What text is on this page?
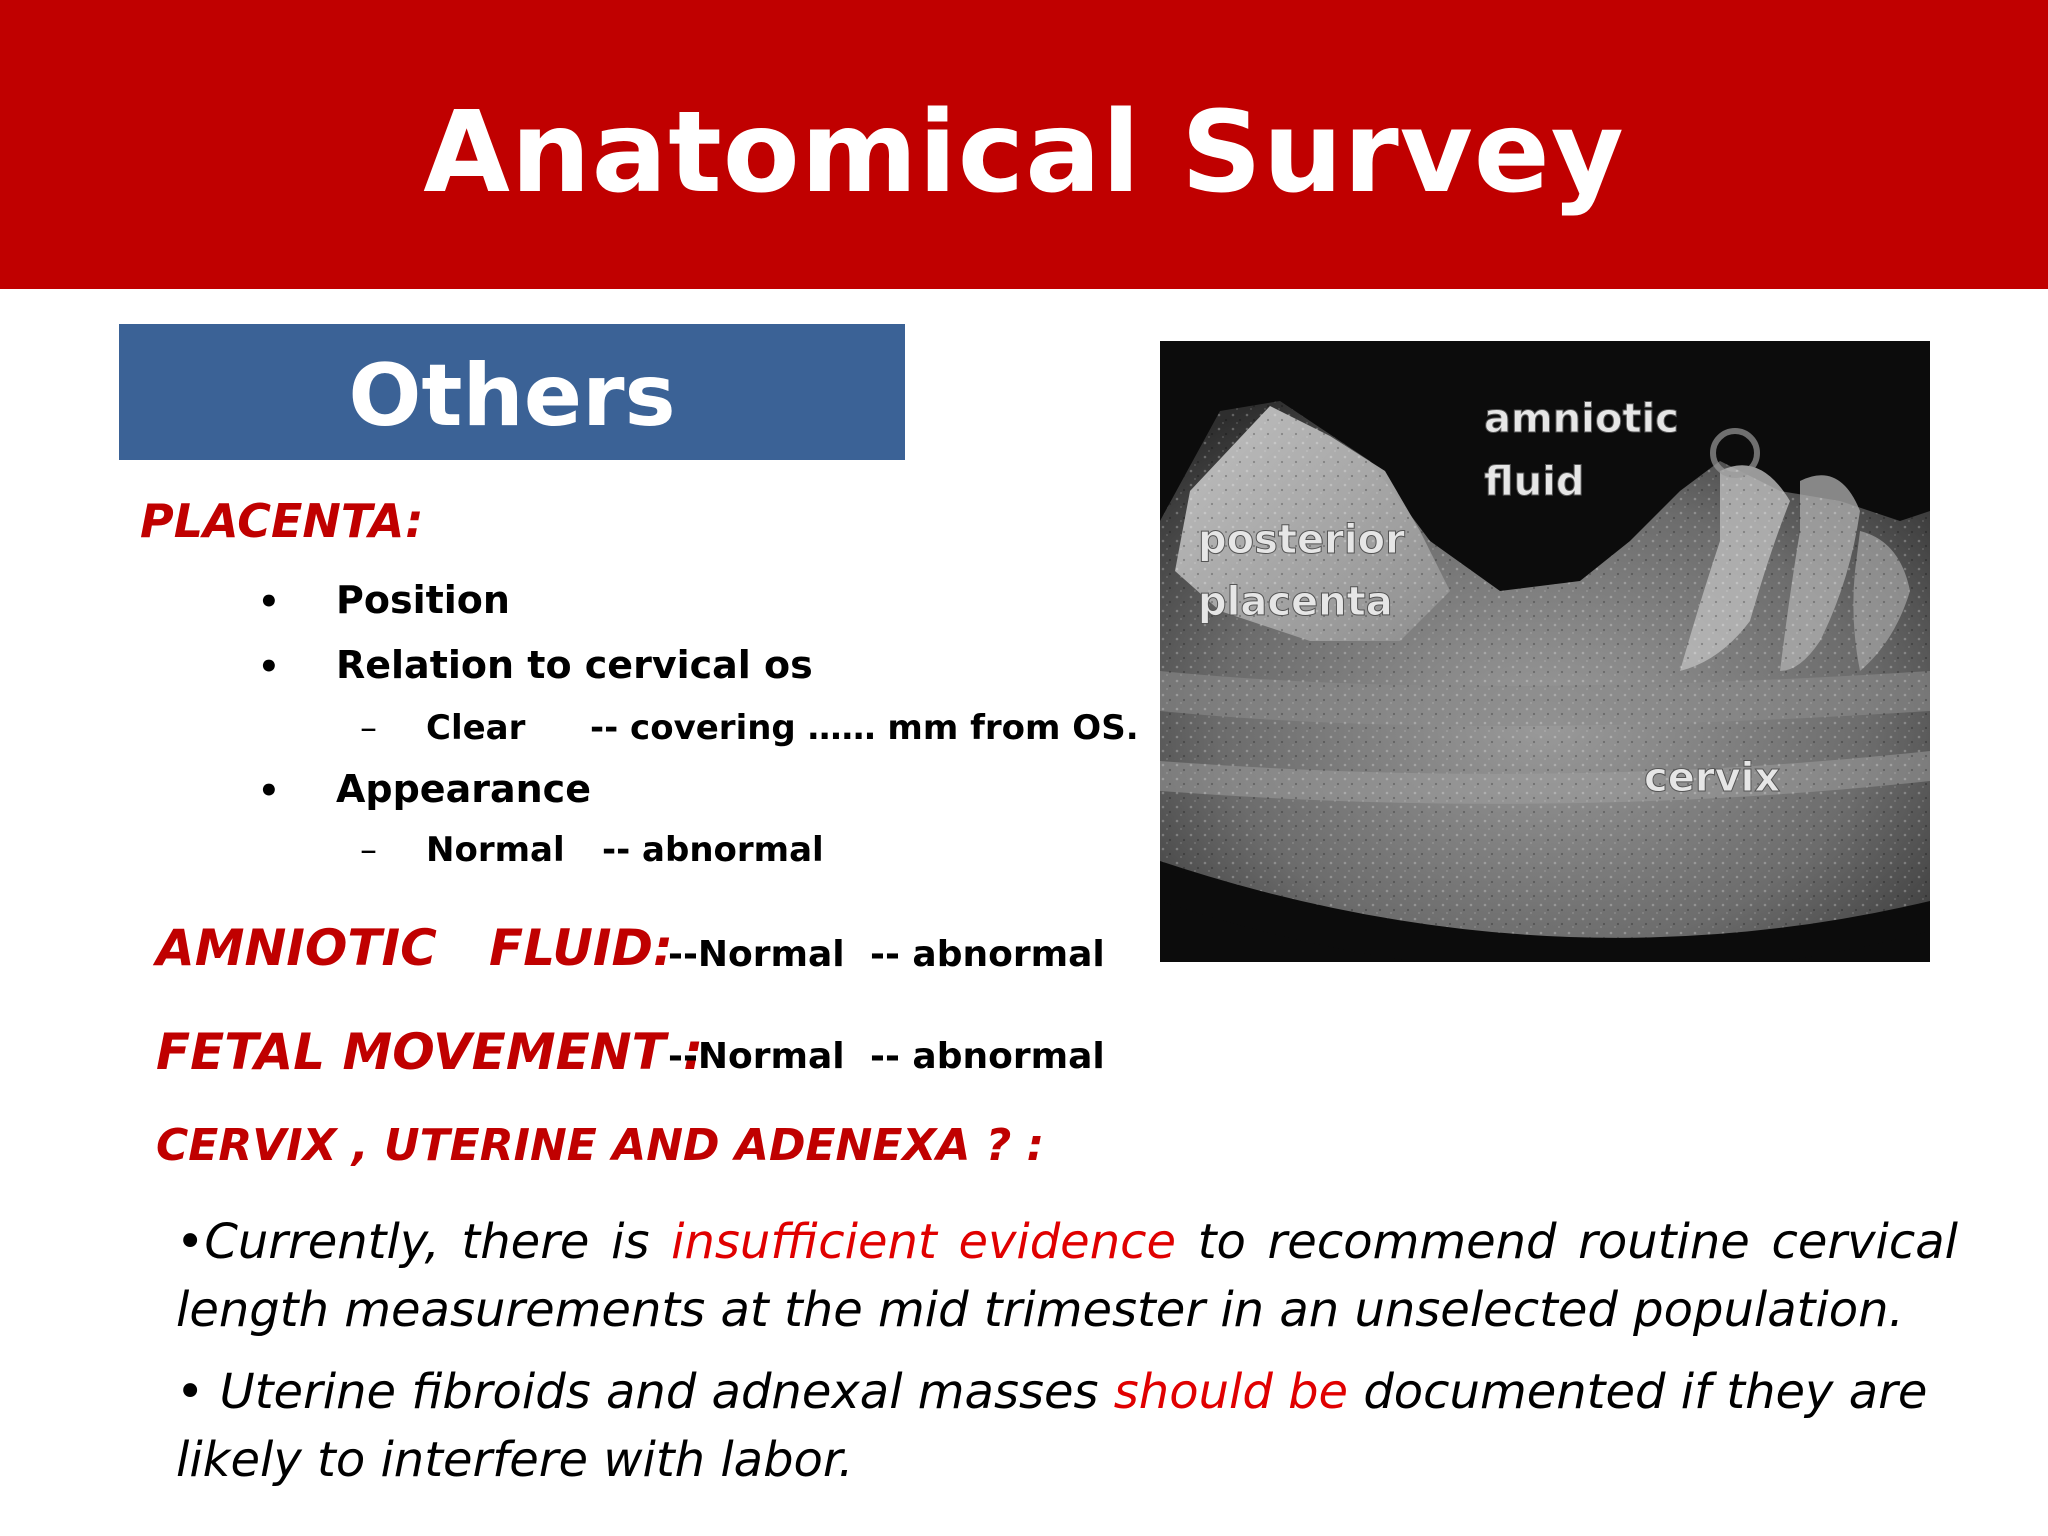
Anatomical Survey
Others
PLACENTA:
• Position
• Relation to cervical os
– Clear -- covering …… mm from OS.
• Appearance
– Normal -- abnormal
AMNIOTIC   FLUID:
--Normal -- abnormal
FETAL MOVEMENT :
--Normal -- abnormal
CERVIX , UTERINE AND ADENEXA ? :
•Currently, there is insufficient evidence to recommend routine cervical length measurements at the mid trimester in an unselected population.
• Uterine fibroids and adnexal masses should be documented if they are likely to interfere with labor.
amniotic
fluid
posterior
placenta
cervix
